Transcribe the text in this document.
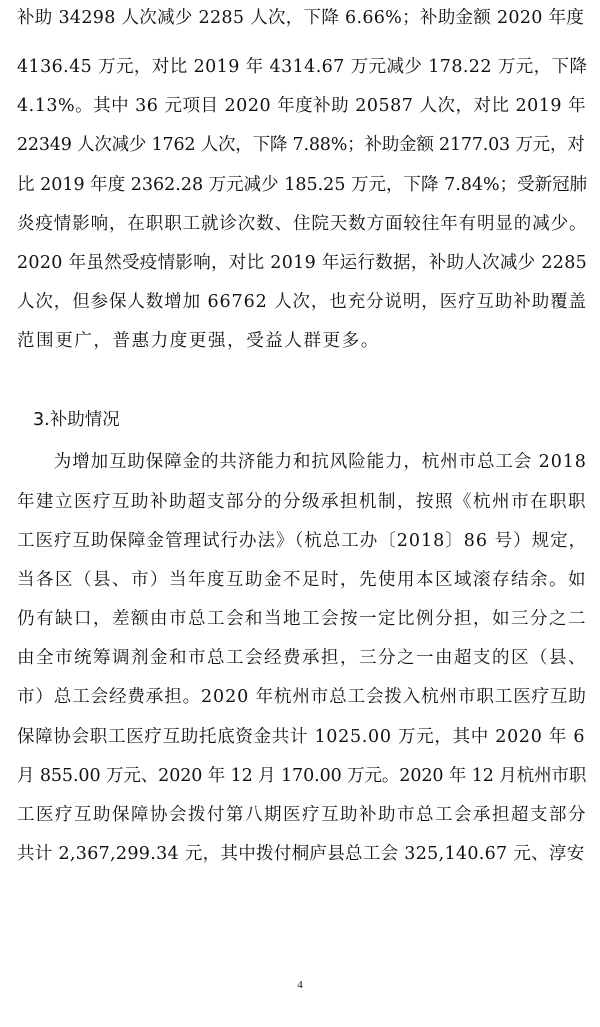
补助 34298 人次减少 2285 人次，下降 6.66%；补助金额 2020 年度
4136.45 万元，对比 2019 年 4314.67 万元减少 178.22 万元，下降
4.13%。其中 36 元项目 2020 年度补助 20587 人次，对比 2019 年
22349 人次减少 1762 人次，下降 7.88%；补助金额 2177.03 万元，对
比 2019 年度 2362.28 万元减少 185.25 万元，下降 7.84%；受新冠肺
炎疫情影响，在职职工就诊次数、住院天数方面较往年有明显的减少。
2020 年虽然受疫情影响，对比 2019 年运行数据，补助人次减少 2285
人次，但参保人数增加 66762 人次，也充分说明，医疗互助补助覆盖
范围更广，普惠力度更强，受益人群更多。
3.补助情况
　　为增加互助保障金的共济能力和抗风险能力，杭州市总工会 2018
年建立医疗互助补助超支部分的分级承担机制，按照《杭州市在职职
工医疗互助保障金管理试行办法》（杭总工办〔2018〕86 号）规定，
当各区（县、市）当年度互助金不足时，先使用本区域滚存结余。如
仍有缺口，差额由市总工会和当地工会按一定比例分担，如三分之二
由全市统筹调剂金和市总工会经费承担，三分之一由超支的区（县、
市）总工会经费承担。2020 年杭州市总工会拨入杭州市职工医疗互助
保障协会职工医疗互助托底资金共计 1025.00 万元，其中 2020 年 6
月 855.00 万元、2020 年 12 月 170.00 万元。2020 年 12 月杭州市职
工医疗互助保障协会拨付第八期医疗互助补助市总工会承担超支部分
共计 2,367,299.34 元，其中拨付桐庐县总工会 325,140.67 元、淳安
4
